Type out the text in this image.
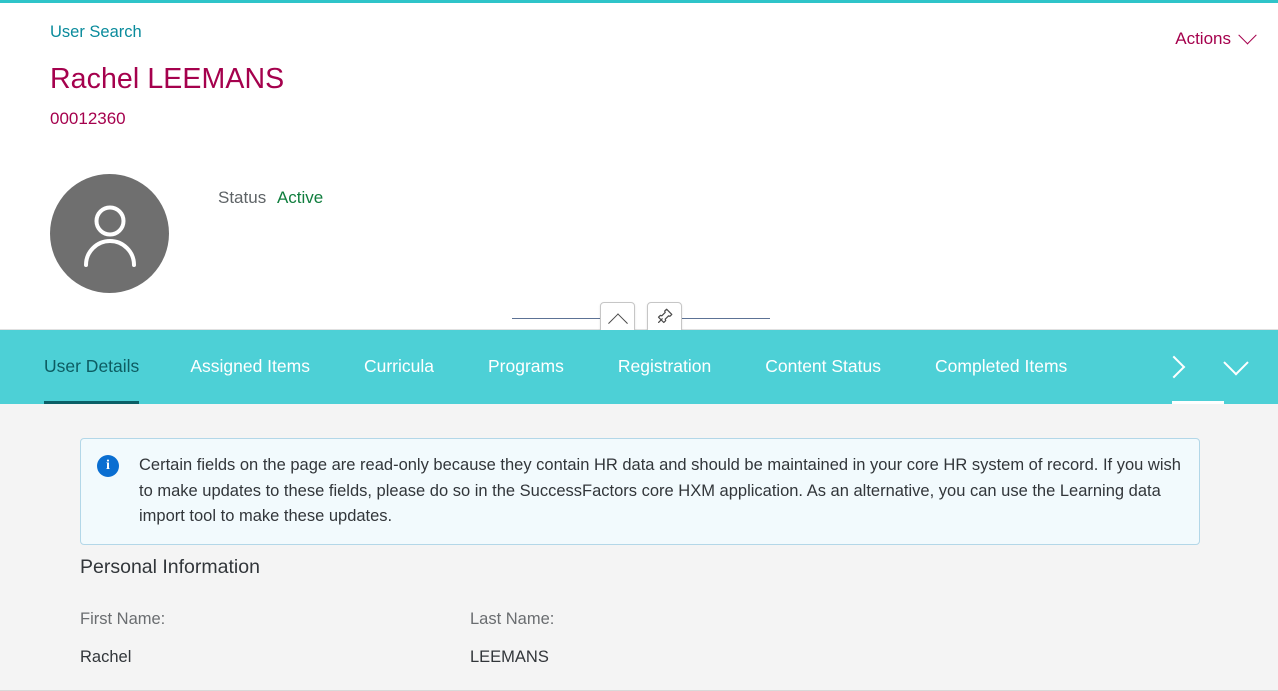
User Search	Actions
Rachel LEEMANS
00012360
Status Active
User Details	Assigned Items	Curricula	Programs	Registration	Content Status	Completed Items
i	Certain fields on the page are read-only because they contain HR data and should be maintained in your core HR system of record. If you wish to make updates to these fields, please do so in the SuccessFactors core HXM application. As an alternative, you can use the Learning data import tool to make these updates.
Personal Information
First Name:
Rachel
Last Name:
LEEMANS
